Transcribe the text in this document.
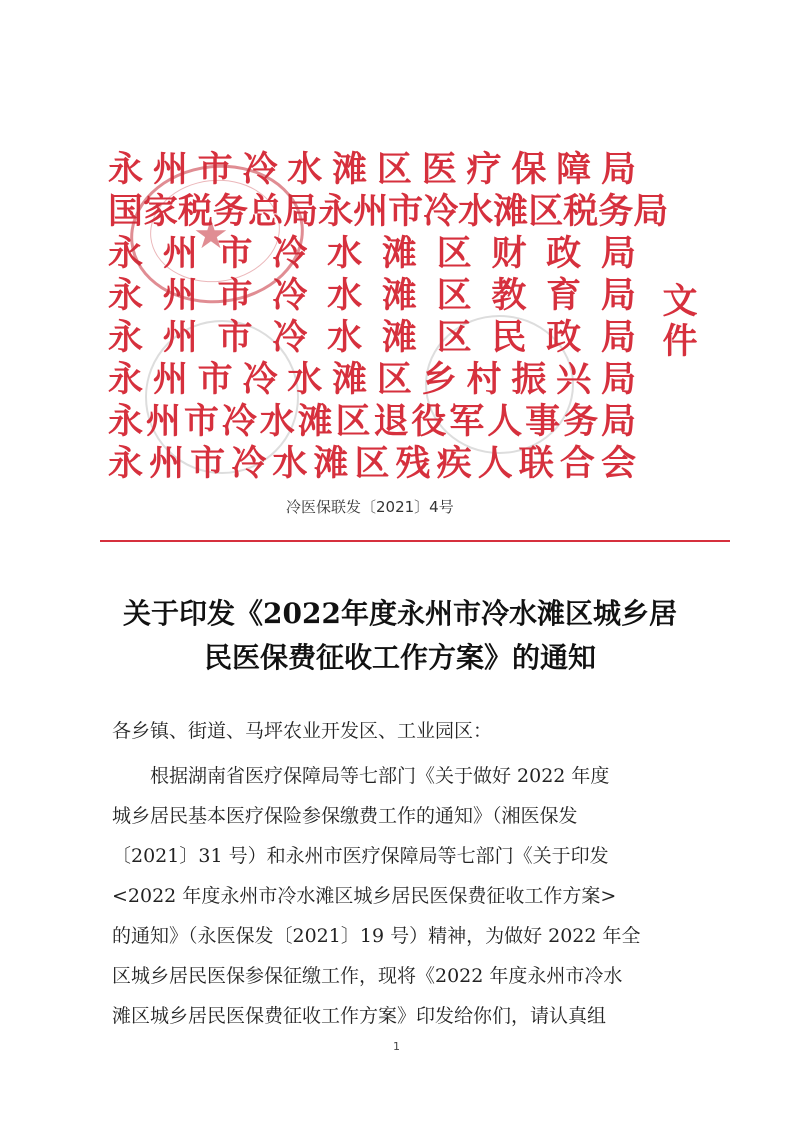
永 州 市 冷 水 滩 区 医 疗 保 障 局
国 家 税 务 总 局 永 州 市 冷 水 滩 区 税 务 局
永 州 市 冷 水 滩 区 财 政 局
永 州 市 冷 水 滩 区 教 育 局
永 州 市 冷 水 滩 区 民 政 局
永 州 市 冷 水 滩 区 乡 村 振 兴 局
永 州 市 冷 水 滩 区 退 役 军 人 事 务 局
永 州 市 冷 水 滩 区 残 疾 人 联 合 会
★
文
件
冷医保联发〔2021〕4号
关于印发《2022年度永州市冷水滩区城乡居
民医保费征收工作方案》的通知
各乡镇、街道、马坪农业开发区、工业园区：
根据湖南省医疗保障局等七部门《关于做好 2022 年度
城乡居民基本医疗保险参保缴费工作的通知》（湘医保发
〔2021〕31 号）和永州市医疗保障局等七部门《关于印发
<2022 年度永州市冷水滩区城乡居民医保费征收工作方案>
的通知》（永医保发〔2021〕19 号）精神，为做好 2022 年全
区城乡居民医保参保征缴工作，现将《2022 年度永州市冷水
滩区城乡居民医保费征收工作方案》印发给你们，请认真组
1
